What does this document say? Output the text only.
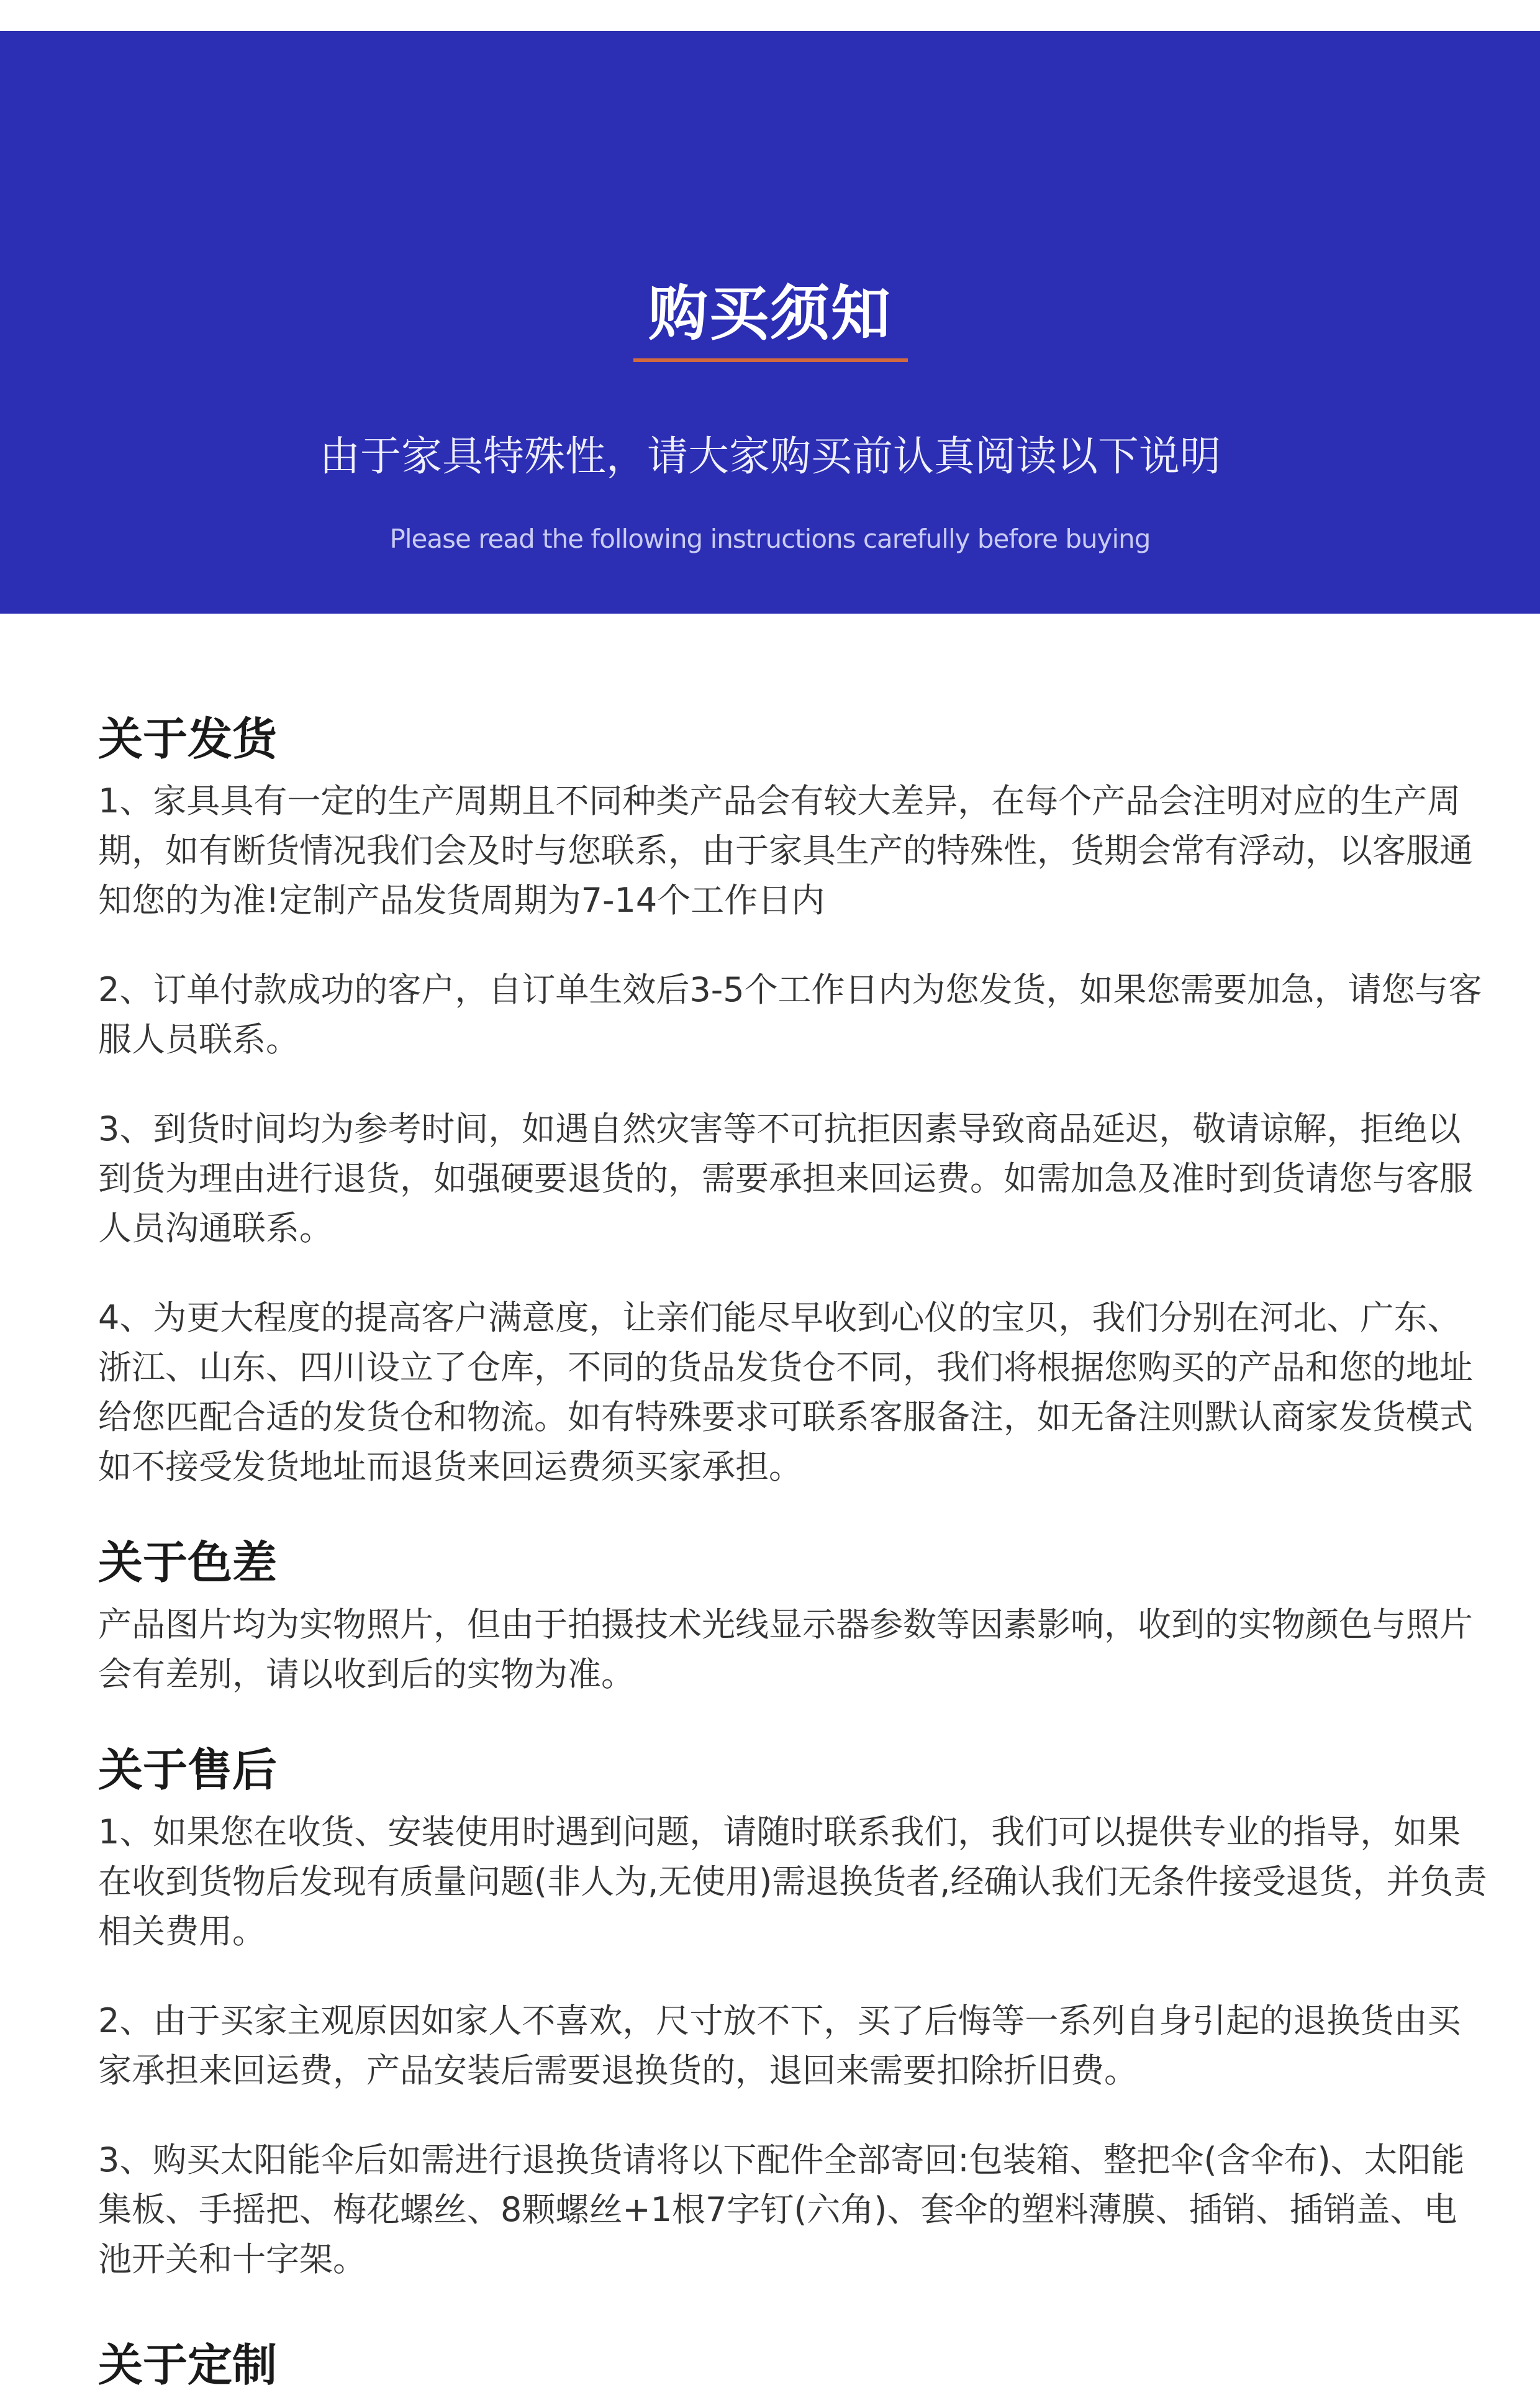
购买须知
由于家具特殊性，请大家购买前认真阅读以下说明
Please read the following instructions carefully before buying
关于发货
1、家具具有一定的生产周期且不同种类产品会有较大差异，在每个产品会注明对应的生产周期，如有断货情况我们会及时与您联系，由于家具生产的特殊性，货期会常有浮动，以客服通知您的为准!定制产品发货周期为7-14个工作日内
2、订单付款成功的客户，自订单生效后3-5个工作日内为您发货，如果您需要加急，请您与客服人员联系。
3、到货时间均为参考时间，如遇自然灾害等不可抗拒因素导致商品延迟，敬请谅解，拒绝以到货为理由进行退货，如强硬要退货的，需要承担来回运费。如需加急及准时到货请您与客服人员沟通联系。
4、为更大程度的提高客户满意度，让亲们能尽早收到心仪的宝贝，我们分别在河北、广东、浙江、山东、四川设立了仓库，不同的货品发货仓不同，我们将根据您购买的产品和您的地址给您匹配合适的发货仓和物流。如有特殊要求可联系客服备注，如无备注则默认商家发货模式如不接受发货地址而退货来回运费须买家承担。
关于色差
产品图片均为实物照片，但由于拍摄技术光线显示器参数等因素影响，收到的实物颜色与照片会有差别，请以收到后的实物为准。
关于售后
1、如果您在收货、安装使用时遇到问题，请随时联系我们，我们可以提供专业的指导，如果在收到货物后发现有质量问题(非人为,无使用)需退换货者,经确认我们无条件接受退货，并负责相关费用。
2、由于买家主观原因如家人不喜欢，尺寸放不下，买了后悔等一系列自身引起的退换货由买家承担来回运费，产品安装后需要退换货的，退回来需要扣除折旧费。
3、购买太阳能伞后如需进行退换货请将以下配件全部寄回:包装箱、整把伞(含伞布)、太阳能集板、手摇把、梅花螺丝、8颗螺丝+1根7字钉(六角)、套伞的塑料薄膜、插销、插销盖、电池开关和十字架。
关于定制
